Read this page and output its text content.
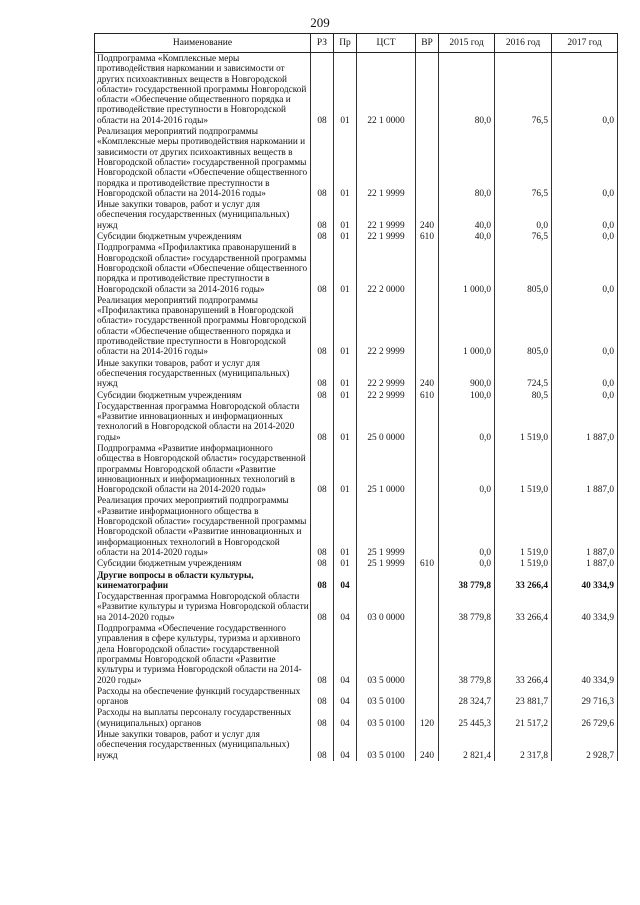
209
Наименование	РЗ	Пр	ЦСТ	ВР	2015 год	2016 год	2017 год
Подпрограмма «Комплексные меры противодействия наркомании и зависимости от других психоактивных веществ в Новгородской области» государственной программы Новгородской области «Обеспечение общественного порядка и противодействие преступности в Новгородской области на 2014-2016 годы»	08	01	22 1 0000		80,0	76,5	0,0
Реализация мероприятий подпрограммы «Комплексные меры противодействия наркомании и зависимости от других психоактивных веществ в Новгородской области» государственной программы Новгородской области «Обеспечение общественного порядка и противодействие преступности в Новгородской области на 2014-2016 годы»	08	01	22 1 9999		80,0	76,5	0,0
Иные закупки товаров, работ и услуг для обеспечения государственных (муниципальных) нужд	08	01	22 1 9999	240	40,0	0,0	0,0
Субсидии бюджетным учреждениям	08	01	22 1 9999	610	40,0	76,5	0,0
Подпрограмма «Профилактика правонарушений в Новгородской области» государственной программы Новгородской области «Обеспечение общественного порядка и противодействие преступности в Новгородской области за 2014-2016 годы»	08	01	22 2 0000		1 000,0	805,0	0,0
Реализация мероприятий подпрограммы «Профилактика правонарушений в Новгородской области» государственной программы Новгородской области «Обеспечение общественного порядка и противодействие преступности в Новгородской области на 2014-2016 годы»	08	01	22 2 9999		1 000,0	805,0	0,0
Иные закупки товаров, работ и услуг для обеспечения государственных (муниципальных) нужд	08	01	22 2 9999	240	900,0	724,5	0,0
Субсидии бюджетным учреждениям	08	01	22 2 9999	610	100,0	80,5	0,0
Государственная программа Новгородской области «Развитие инновационных и информационных технологий в Новгородской области на 2014-2020 годы»	08	01	25 0 0000		0,0	1 519,0	1 887,0
Подпрограмма «Развитие информационного общества в Новгородской области» государственной программы Новгородской области «Развитие инновационных и информационных технологий в Новгородской области на 2014-2020 годы»	08	01	25 1 0000		0,0	1 519,0	1 887,0
Реализация прочих мероприятий подпрограммы «Развитие информационного общества в Новгородской области» государственной программы Новгородской области «Развитие инновационных и информационных технологий в Новгородской области на 2014-2020 годы»	08	01	25 1 9999		0,0	1 519,0	1 887,0
Субсидии бюджетным учреждениям	08	01	25 1 9999	610	0,0	1 519,0	1 887,0
Другие вопросы в области культуры, кинематографии	08	04			38 779,8	33 266,4	40 334,9
Государственная программа Новгородской области «Развитие культуры и туризма Новгородской области на 2014-2020 годы»	08	04	03 0 0000		38 779,8	33 266,4	40 334,9
Подпрограмма «Обеспечение государственного управления в сфере культуры, туризма и архивного дела Новгородской области» государственной программы Новгородской области «Развитие культуры и туризма Новгородской области на 2014-2020 годы»	08	04	03 5 0000		38 779,8	33 266,4	40 334,9
Расходы на обеспечение функций государственных органов	08	04	03 5 0100		28 324,7	23 881,7	29 716,3
Расходы на выплаты персоналу государственных (муниципальных) органов	08	04	03 5 0100	120	25 445,3	21 517,2	26 729,6
Иные закупки товаров, работ и услуг для обеспечения государственных (муниципальных) нужд	08	04	03 5 0100	240	2 821,4	2 317,8	2 928,7
